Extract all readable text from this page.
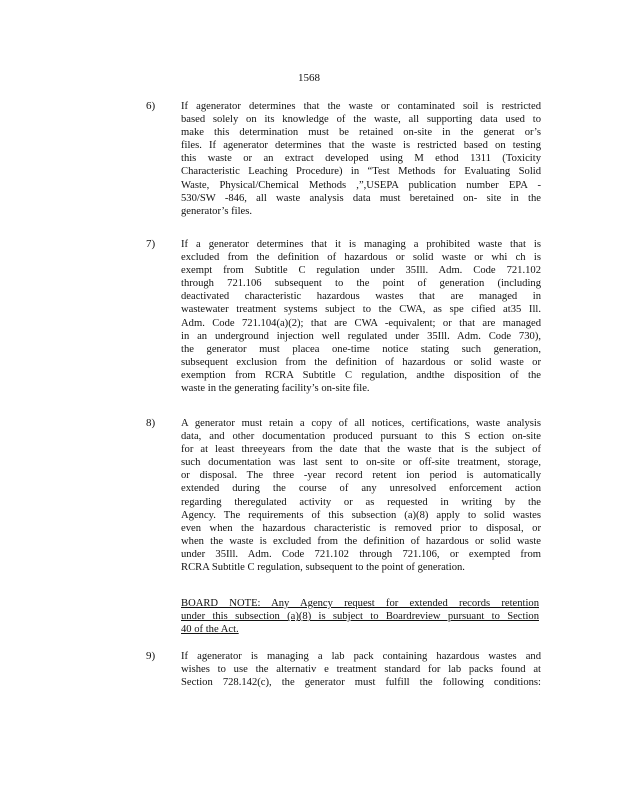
1568
6) If agenerator determines that the waste or contaminated soil is restricted
based solely on its knowledge of the waste, all supporting data used to
make this determination must be retained on-site in the generat or’s
files. If agenerator determines that the waste is restricted based on testing
this waste or an extract developed using M ethod 1311 (Toxicity
Characteristic Leaching Procedure) in “Test Methods for Evaluating Solid
Waste, Physical/Chemical Methods ,”,USEPA publication number EPA -
530/SW -846, all waste analysis data must beretained on- site in the
generator’s files.
7) If a generator determines that it is managing a prohibited waste that is
excluded from the definition of hazardous or solid waste or whi ch is
exempt from Subtitle C regulation under 35Ill. Adm. Code 721.102
through 721.106 subsequent to the point of generation (including
deactivated characteristic hazardous wastes that are managed in
wastewater treatment systems subject to the CWA, as spe cified at35 Ill.
Adm. Code 721.104(a)(2); that are CWA -equivalent; or that are managed
in an underground injection well regulated under 35Ill. Adm. Code 730),
the generator must placea one-time notice stating such generation,
subsequent exclusion from the definition of hazardous or solid waste or
exemption from RCRA Subtitle C regulation, andthe disposition of the
waste in the generating facility’s on-site file.
8) A generator must retain a copy of all notices, certifications, waste analysis
data, and other documentation produced pursuant to this S ection on-site
for at least threeyears from the date that the waste that is the subject of
such documentation was last sent to on-site or off-site treatment, storage,
or disposal. The three -year record retent ion period is automatically
extended during the course of any unresolved enforcement action
regarding theregulated activity or as requested in writing by the
Agency. The requirements of this subsection (a)(8) apply to solid wastes
even when the hazardous characteristic is removed prior to disposal, or
when the waste is excluded from the definition of hazardous or solid waste
under 35Ill. Adm. Code 721.102 through 721.106, or exempted from
RCRA Subtitle C regulation, subsequent to the point of generation.
BOARD NOTE: Any Agency request for extended records retention
under this subsection (a)(8) is subject to Boardreview pursuant to Section
40 of the Act.
9) If agenerator is managing a lab pack containing hazardous wastes and
wishes to use the alternativ e treatment standard for lab packs found at
Section 728.142(c), the generator must fulfill the following conditions:
